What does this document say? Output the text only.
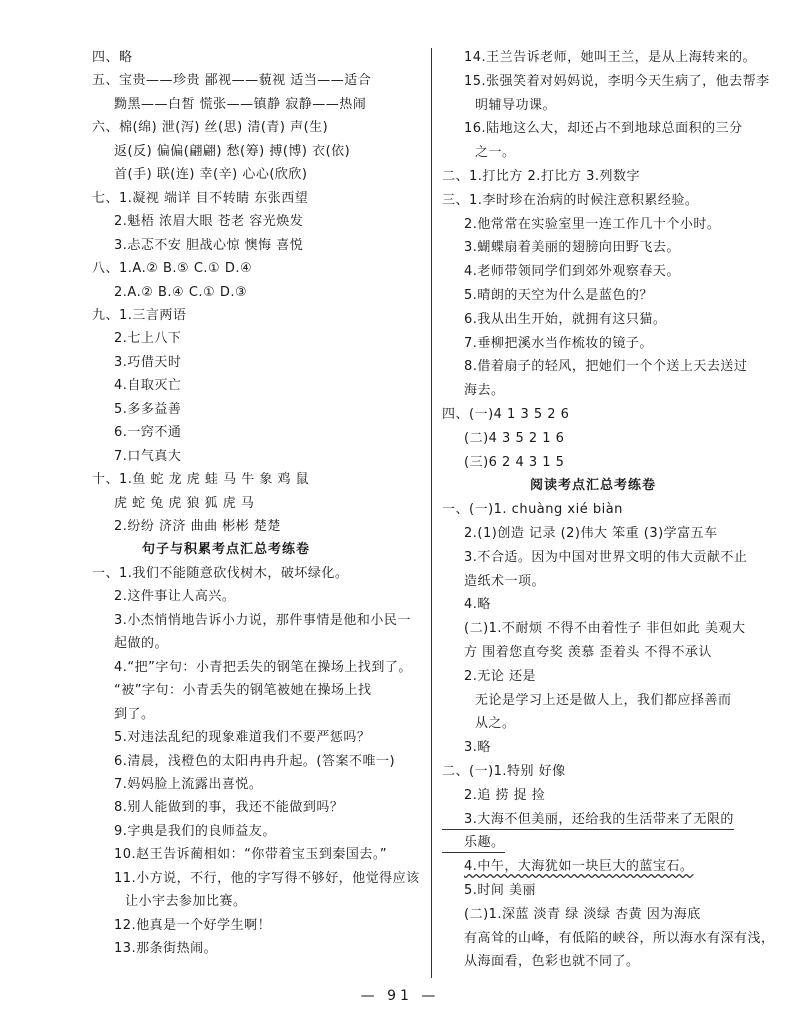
四、略
五、宝贵——珍贵 鄙视——藐视 适当——适合
黝黑——白皙 慌张——镇静 寂静——热闹
六、棉(绵) 泄(泻) 丝(思) 清(青) 声(生)
返(反) 偏偏(翩翩) 愁(筹) 搏(博) 衣(依)
首(手) 联(连) 幸(辛) 心心(欣欣)
七、1.凝视 端详 目不转睛 东张西望
2.魁梧 浓眉大眼 苍老 容光焕发
3.忐忑不安 胆战心惊 懊悔 喜悦
八、1.A.② B.⑤ C.① D.④
2.A.② B.④ C.① D.③
九、1.三言两语
2.七上八下
3.巧借天时
4.自取灭亡
5.多多益善
6.一窍不通
7.口气真大
十、1.鱼 蛇 龙 虎 蛙 马 牛 象 鸡 鼠
虎 蛇 兔 虎 狼 狐 虎 马
2.纷纷 济济 曲曲 彬彬 楚楚
句子与积累考点汇总考练卷
一、1.我们不能随意砍伐树木，破坏绿化。
2.这件事让人高兴。
3.小杰悄悄地告诉小力说，那件事情是他和小民一
起做的。
4.“把”字句：小青把丢失的钢笔在操场上找到了。
“被”字句：小青丢失的钢笔被她在操场上找
到了。
5.对违法乱纪的现象难道我们不要严惩吗？
6.清晨，浅橙色的太阳冉冉升起。(答案不唯一)
7.妈妈脸上流露出喜悦。
8.别人能做到的事，我还不能做到吗？
9.字典是我们的良师益友。
10.赵王告诉蔺相如：“你带着宝玉到秦国去。”
11.小方说，不行，他的字写得不够好，他觉得应该
让小宇去参加比赛。
12.他真是一个好学生啊！
13.那条街热闹。
14.王兰告诉老师，她叫王兰，是从上海转来的。
15.张强笑着对妈妈说，李明今天生病了，他去帮李
明辅导功课。
16.陆地这么大，却还占不到地球总面积的三分
之一。
二、1.打比方 2.打比方 3.列数字
三、1.李时珍在治病的时候注意积累经验。
2.他常常在实验室里一连工作几十个小时。
3.蝴蝶扇着美丽的翅膀向田野飞去。
4.老师带领同学们到郊外观察春天。
5.晴朗的天空为什么是蓝色的？
6.我从出生开始，就拥有这只猫。
7.垂柳把溪水当作梳妆的镜子。
8.借着扇子的轻风，把她们一个个送上天去送过
海去。
四、(一)4 1 3 5 2 6
(二)4 3 5 2 1 6
(三)6 2 4 3 1 5
阅读考点汇总考练卷
一、(一)1. chuàng xié biàn
2.(1)创造 记录 (2)伟大 笨重 (3)学富五车
3.不合适。因为中国对世界文明的伟大贡献不止
造纸术一项。
4.略
(二)1.不耐烦 不得不由着性子 非但如此 美观大
方 围着您直夸奖 羡慕 歪着头 不得不承认
2.无论 还是
无论是学习上还是做人上，我们都应择善而
从之。
3.略
二、(一)1.特别 好像
2.追 捞 捉 捡
3.大海不但美丽，还给我的生活带来了无限的
乐趣。
4.中午，大海犹如一块巨大的蓝宝石。
5.时间 美丽
(二)1.深蓝 淡青 绿 淡绿 杏黄 因为海底
有高耸的山峰，有低陷的峡谷，所以海水有深有浅，
从海面看，色彩也就不同了。
— 91 —
